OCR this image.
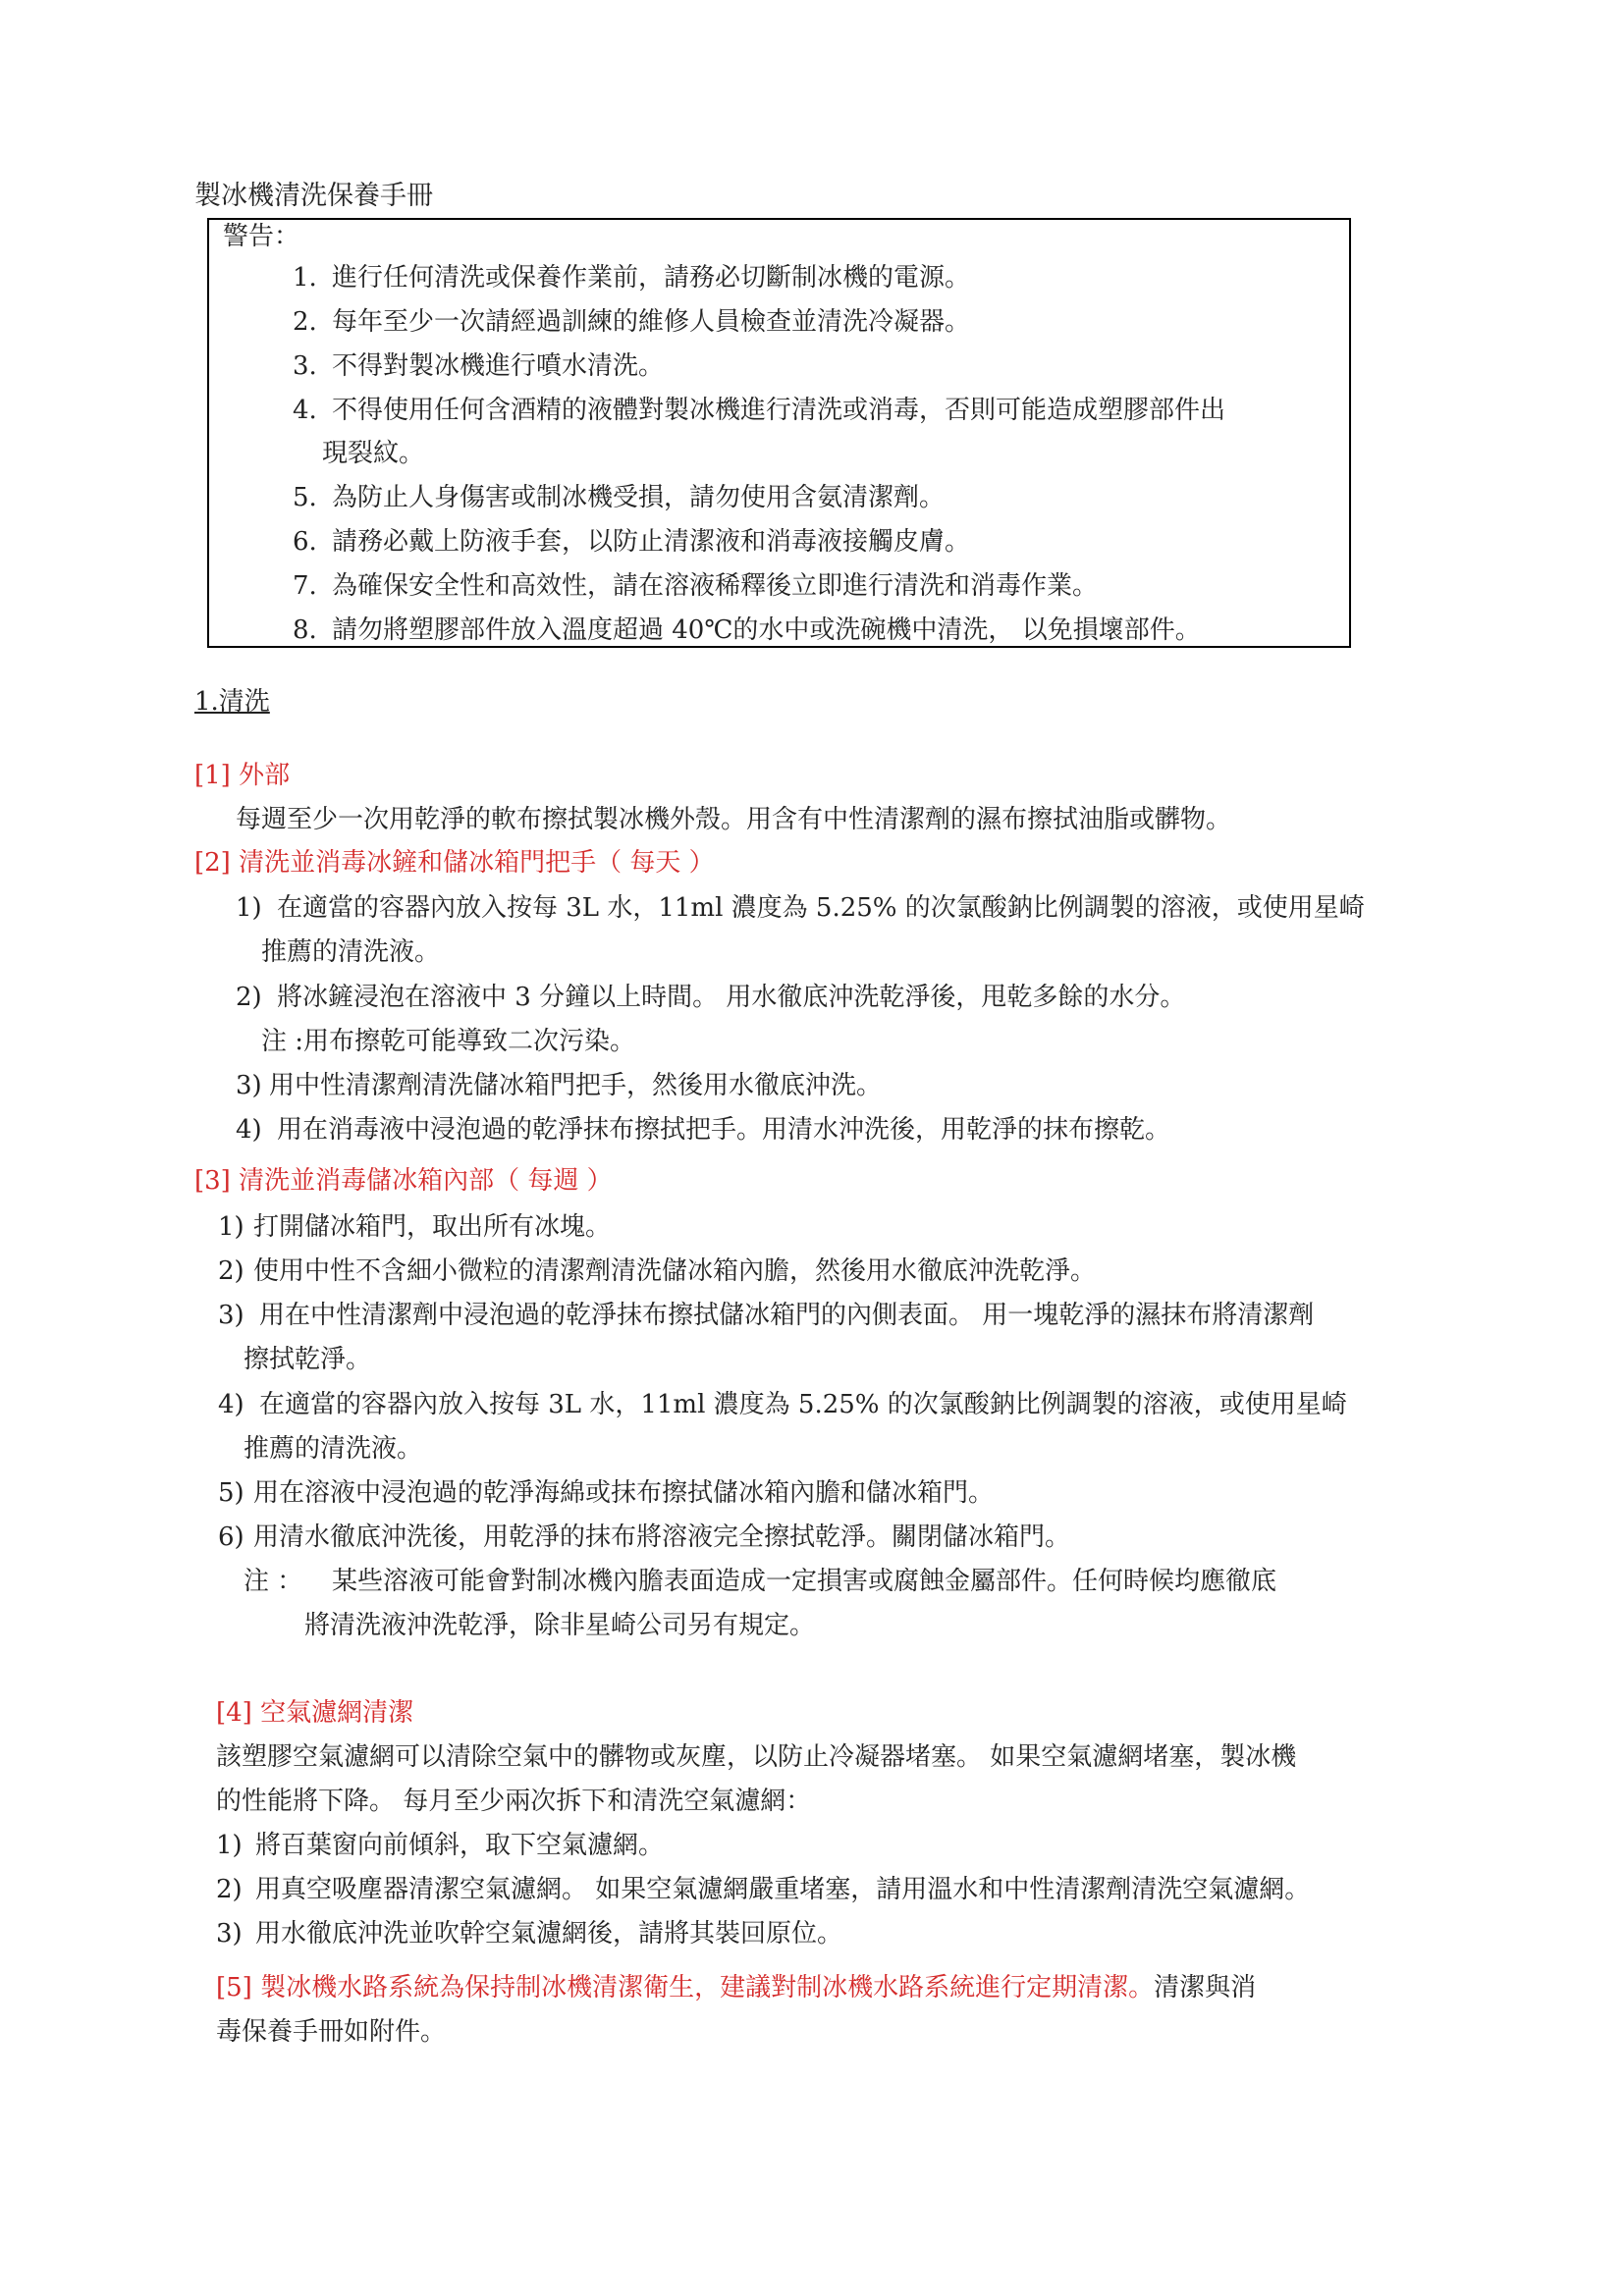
製冰機清洗保養手冊
警告：
1. 進行任何清洗或保養作業前，請務必切斷制冰機的電源。
2. 每年至少一次請經過訓練的維修人員檢查並清洗冷凝器。
3. 不得對製冰機進行噴水清洗。
4. 不得使用任何含酒精的液體對製冰機進行清洗或消毒，否則可能造成塑膠部件出
現裂紋。
5. 為防止人身傷害或制冰機受損，請勿使用含氨清潔劑。
6. 請務必戴上防液手套，以防止清潔液和消毒液接觸皮膚。
7. 為確保安全性和高效性，請在溶液稀釋後立即進行清洗和消毒作業。
8. 請勿將塑膠部件放入溫度超過 40℃的水中或洗碗機中清洗， 以免損壞部件。
1.清洗
[1] 外部
每週至少一次用乾淨的軟布擦拭製冰機外殼。用含有中性清潔劑的濕布擦拭油脂或髒物。
[2] 清洗並消毒冰鏟和儲冰箱門把手（ 每天 ）
1) 在適當的容器內放入按每 3L 水，11ml 濃度為 5.25% 的次氯酸鈉比例調製的溶液，或使用星崎
推薦的清洗液。
2) 將冰鏟浸泡在溶液中 3 分鐘以上時間。 用水徹底沖洗乾淨後，甩乾多餘的水分。
注 :用布擦乾可能導致二次污染。
3) 用中性清潔劑清洗儲冰箱門把手，然後用水徹底沖洗。
4) 用在消毒液中浸泡過的乾淨抹布擦拭把手。用清水沖洗後，用乾淨的抹布擦乾。
[3] 清洗並消毒儲冰箱內部（ 每週 ）
1) 打開儲冰箱門，取出所有冰塊。
2) 使用中性不含細小微粒的清潔劑清洗儲冰箱內膽，然後用水徹底沖洗乾淨。
3) 用在中性清潔劑中浸泡過的乾淨抹布擦拭儲冰箱門的內側表面。 用一塊乾淨的濕抹布將清潔劑
擦拭乾淨。
4) 在適當的容器內放入按每 3L 水，11ml 濃度為 5.25% 的次氯酸鈉比例調製的溶液，或使用星崎
推薦的清洗液。
5) 用在溶液中浸泡過的乾淨海綿或抹布擦拭儲冰箱內膽和儲冰箱門。
6) 用清水徹底沖洗後，用乾淨的抹布將溶液完全擦拭乾淨。關閉儲冰箱門。
注 ： 某些溶液可能會對制冰機內膽表面造成一定損害或腐蝕金屬部件。任何時候均應徹底
將清洗液沖洗乾淨，除非星崎公司另有規定。
[4] 空氣濾網清潔
該塑膠空氣濾網可以清除空氣中的髒物或灰塵，以防止冷凝器堵塞。 如果空氣濾網堵塞，製冰機
的性能將下降。 每月至少兩次拆下和清洗空氣濾網：
1) 將百葉窗向前傾斜，取下空氣濾網。
2) 用真空吸塵器清潔空氣濾網。 如果空氣濾網嚴重堵塞，請用溫水和中性清潔劑清洗空氣濾網。
3) 用水徹底沖洗並吹幹空氣濾網後，請將其裝回原位。
[5] 製冰機水路系統為保持制冰機清潔衛生，建議對制冰機水路系統進行定期清潔。清潔與消
毒保養手冊如附件。
